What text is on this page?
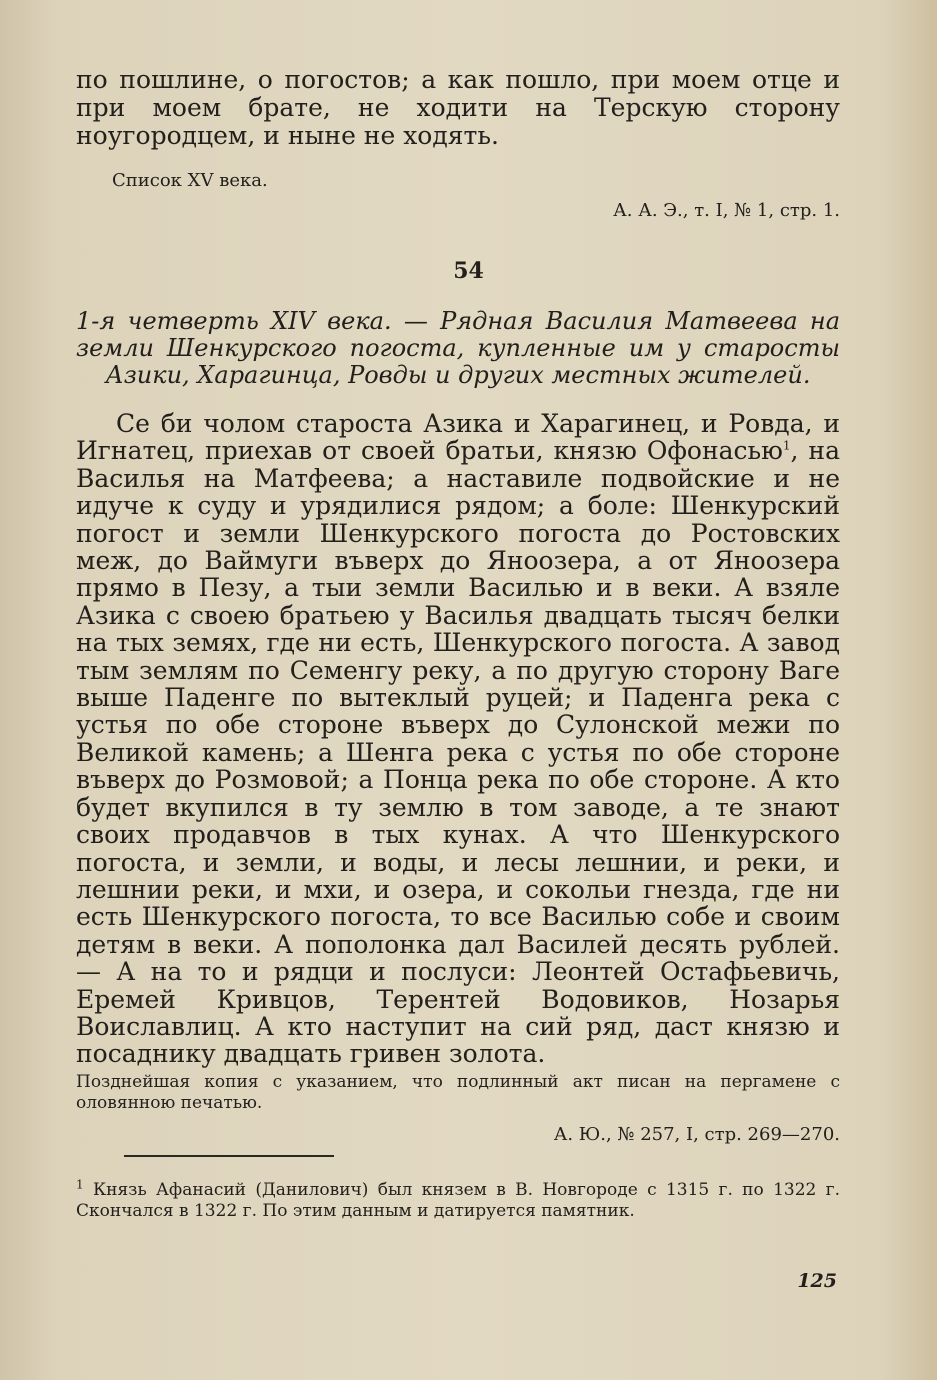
по пошлине, о погостов; а как пошло, при моем отце и при моем брате, не ходити на Терскую сторону ноугородцем, и ныне не ходять.

Список XV века.
А. А. Э., т. I, № 1, стр. 1.
54
1-я четверть XIV века. — Рядная Василия Матвеева на земли Шенкурского погоста, купленные им у старосты Азики, Харагинца, Ровды и других местных жителей.

Се би чолом староста Азика и Харагинец, и Ровда, и Игнатец, приехав от своей братьи, князю Офонасью$^1$, на Василья на Матфеева; а наставиле подвойские и не идуче к суду и урядилися рядом; а боле: Шенкурский погост и земли Шенкурского погоста до Ростовских меж, до Ваймуги въверх до Яноозера, а от Яноозера прямо в Пезу, а тыи земли Василью и в веки. А взяле Азика с своею братьею у Василья двадцать тысяч белки на тых земях, где ни есть, Шенкурского погоста. А завод тым землям по Семенгу реку, а по другую сторону Ваге выше Паденге по вытеклый руцей; и Паденга река с устья по обе стороне въверх до Сулонской межи по Великой камень; а Шенга река с устья по обе стороне въверх до Розмовой; а Понца река по обе стороне. А кто будет вкупился в ту землю в том заводе, а те знают своих продавчов в тых кунах. А что Шенкурского погоста, и земли, и воды, и лесы лешнии, и реки, и лешнии реки, и мхи, и озера, и сокольи гнезда, где ни есть Шенкурского погоста, то все Василью собе и своим детям в веки. А пополонка дал Василей десять рублей. — А на то и рядци и послуси: Леонтей Остафьевичь, Еремей Кривцов, Терентей Водовиков, Нозарья Воиславлиц. А кто наступит на сий ряд, даст князю и посаднику двадцать гривен золота.

Позднейшая копия с указанием, что подлинный акт писан на пергамене с оловянною печатью.
А. Ю., № 257, I, стр. 269—270.
$^1$ Князь Афанасий (Данилович) был князем в В. Новгороде с 1315 г. по 1322 г. Скончался в 1322 г. По этим данным и датируется памятник.
125
